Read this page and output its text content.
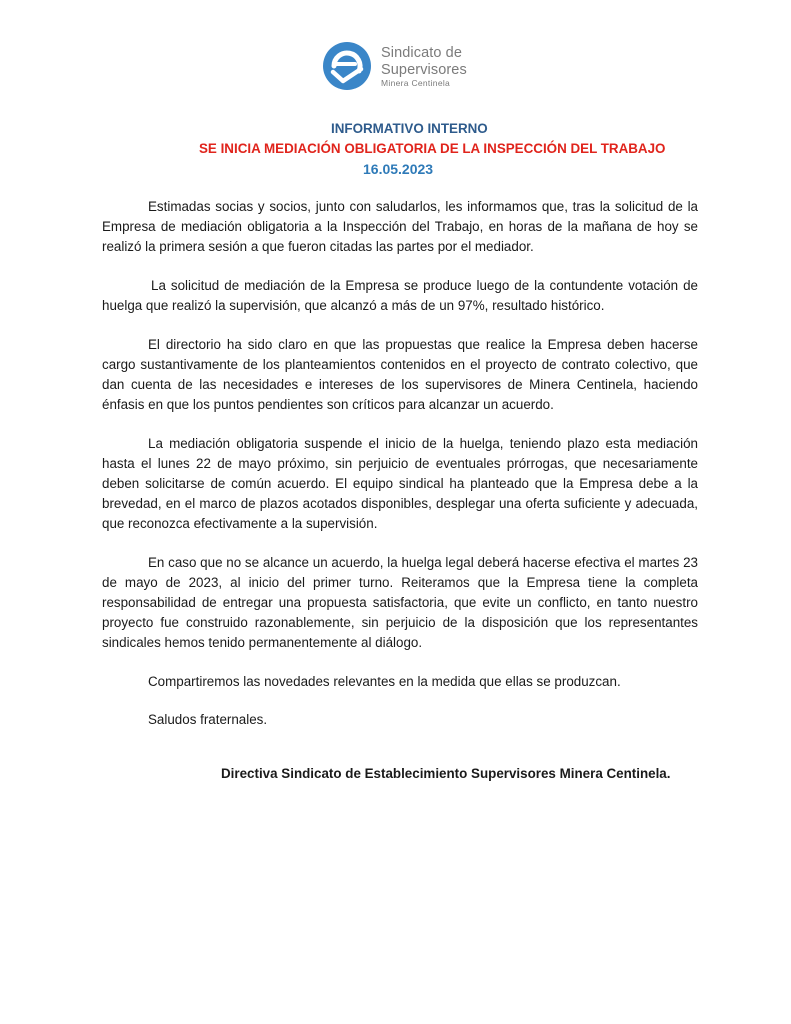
Sindicato de
Supervisores
Minera Centinela
INFORMATIVO INTERNO
SE INICIA MEDIACIÓN OBLIGATORIA DE LA INSPECCIÓN DEL TRABAJO
16.05.2023

Estimadas socias y socios, junto con saludarlos, les informamos que, tras la solicitud de la Empresa de mediación obligatoria a la Inspección del Trabajo, en horas de la mañana de hoy se realizó la primera sesión a que fueron citadas las partes por el mediador.

La solicitud de mediación de la Empresa se produce luego de la contundente votación de huelga que realizó la supervisión, que alcanzó a más de un 97%, resultado histórico.

El directorio ha sido claro en que las propuestas que realice la Empresa deben hacerse cargo sustantivamente de los planteamientos contenidos en el proyecto de contrato colectivo, que dan cuenta de las necesidades e intereses de los supervisores de Minera Centinela, haciendo énfasis en que los puntos pendientes son críticos para alcanzar un acuerdo.

La mediación obligatoria suspende el inicio de la huelga, teniendo plazo esta mediación hasta el lunes 22 de mayo próximo, sin perjuicio de eventuales prórrogas, que necesariamente deben solicitarse de común acuerdo. El equipo sindical ha planteado que la Empresa debe a la brevedad, en el marco de plazos acotados disponibles, desplegar una oferta suficiente y adecuada, que reconozca efectivamente a la supervisión.

En caso que no se alcance un acuerdo, la huelga legal deberá hacerse efectiva el martes 23 de mayo de 2023, al inicio del primer turno. Reiteramos que la Empresa tiene la completa responsabilidad de entregar una propuesta satisfactoria, que evite un conflicto, en tanto nuestro proyecto fue construido razonablemente, sin perjuicio de la disposición que los representantes sindicales hemos tenido permanentemente al diálogo.

Compartiremos las novedades relevantes en la medida que ellas se produzcan.

Saludos fraternales.

Directiva Sindicato de Establecimiento Supervisores Minera Centinela.
